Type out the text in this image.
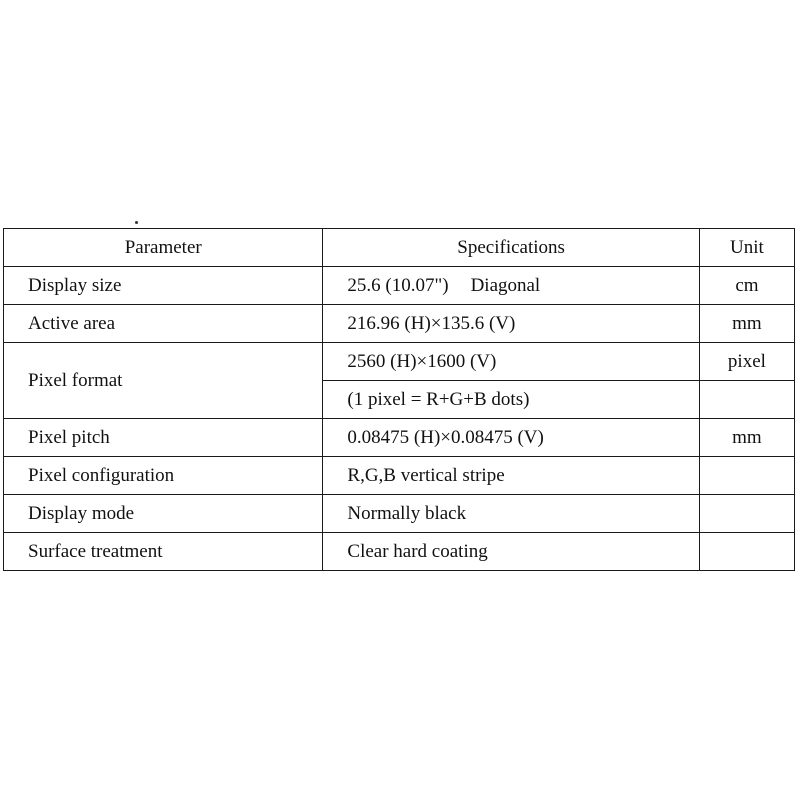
Parameter	Specifications	Unit
Display size	25.6 (10.07") Diagonal	cm
Active area	216.96 (H)×135.6 (V)	mm
Pixel format	2560 (H)×1600 (V)	pixel
	(1 pixel = R+G+B dots)	
Pixel pitch	0.08475 (H)×0.08475 (V)	mm
Pixel configuration	R,G,B vertical stripe	
Display mode	Normally black	
Surface treatment	Clear hard coating	
